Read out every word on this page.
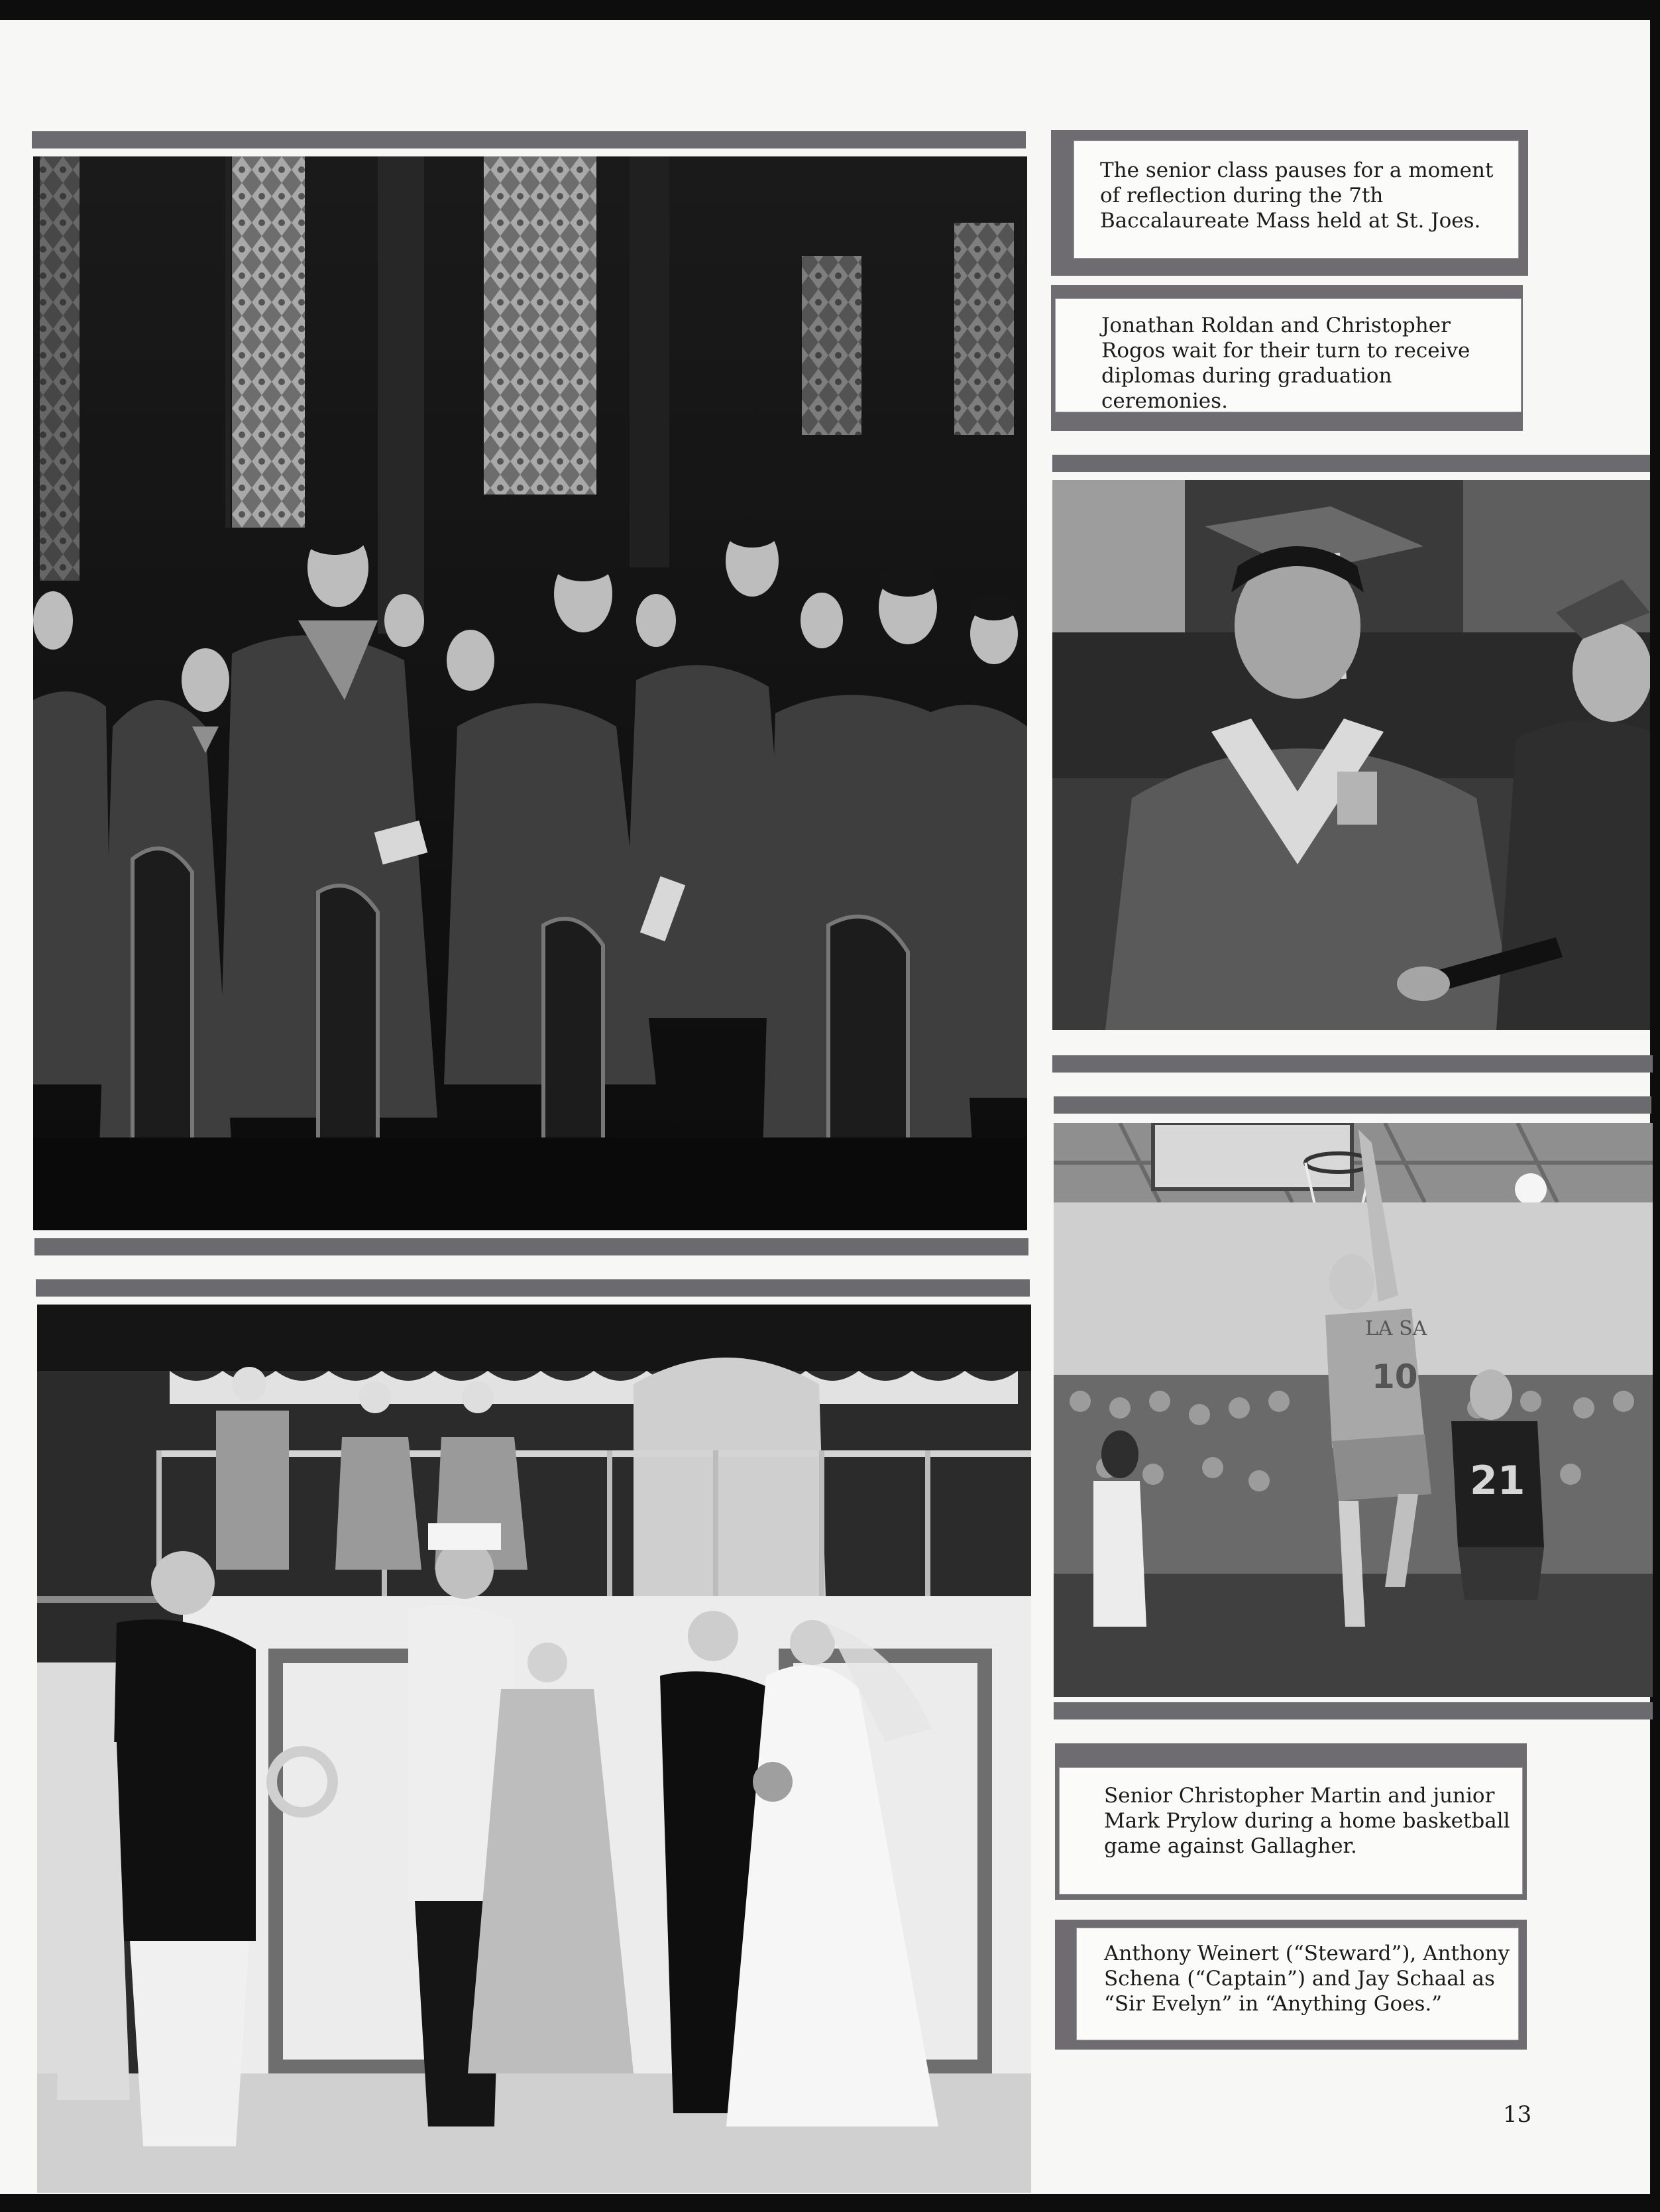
The senior class pauses for a moment of reflection during the 7th Baccalaureate Mass held at St. Joes.
Jonathan Roldan and Christopher Rogos wait for their turn to receive diplomas during graduation ceremonies.
LA SA
10
21
Senior Christopher Martin and junior Mark Prylow during a home basketball game against Gallagher.
Anthony Weinert (“Steward”), Anthony Schena (“Captain”) and Jay Schaal as “Sir Evelyn” in “Anything Goes.”
13
